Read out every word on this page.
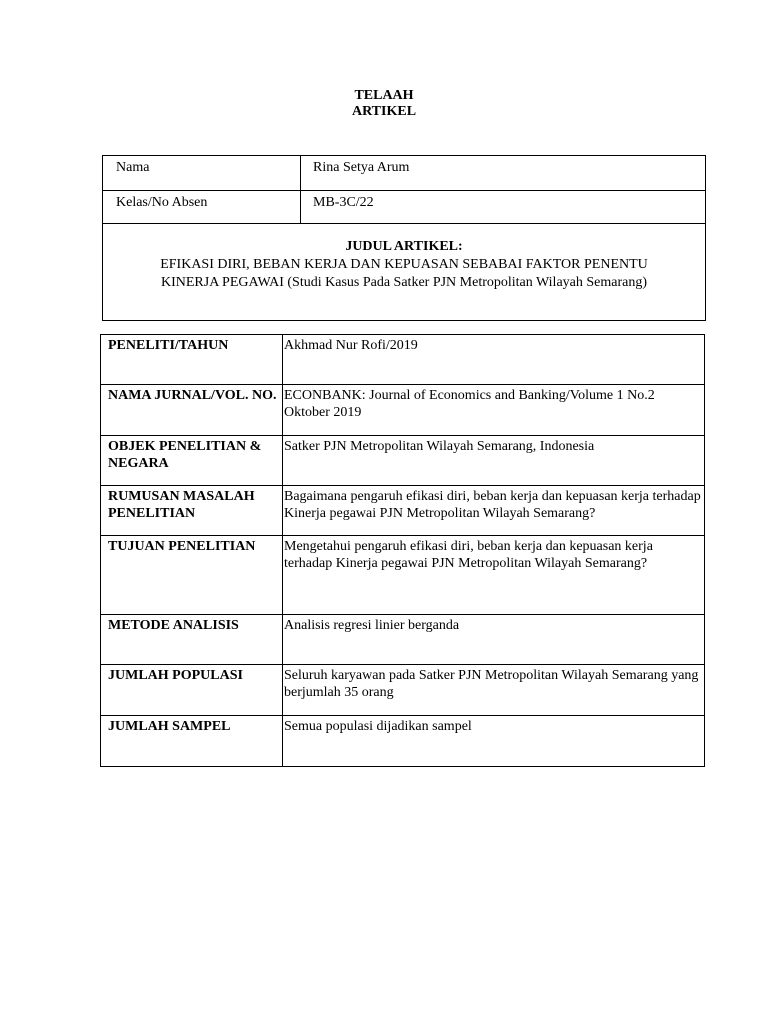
TELAAH
ARTIKEL
Nama	Rina Setya Arum
Kelas/No Absen	MB-3C/22

JUDUL ARTIKEL:
EFIKASI DIRI, BEBAN KERJA DAN KEPUASAN SEBABAI FAKTOR PENENTU
KINERJA PEGAWAI (Studi Kasus Pada Satker PJN Metropolitan Wilayah Semarang)	
PENELITI/TAHUN	Akhmad Nur Rofi/2019
NAMA JURNAL/VOL. NO.	ECONBANK: Journal of Economics and Banking/Volume 1 No.2 Oktober 2019
OBJEK PENELITIAN & NEGARA	Satker PJN Metropolitan Wilayah Semarang, Indonesia
RUMUSAN MASALAH PENELITIAN	Bagaimana pengaruh efikasi diri, beban kerja dan kepuasan kerja terhadap Kinerja pegawai PJN Metropolitan Wilayah Semarang?
TUJUAN PENELITIAN	Mengetahui pengaruh efikasi diri, beban kerja dan kepuasan kerja terhadap Kinerja pegawai PJN Metropolitan Wilayah Semarang?
METODE ANALISIS	Analisis regresi linier berganda
JUMLAH POPULASI	Seluruh karyawan pada Satker PJN Metropolitan Wilayah Semarang yang berjumlah 35 orang
JUMLAH SAMPEL	Semua populasi dijadikan sampel
